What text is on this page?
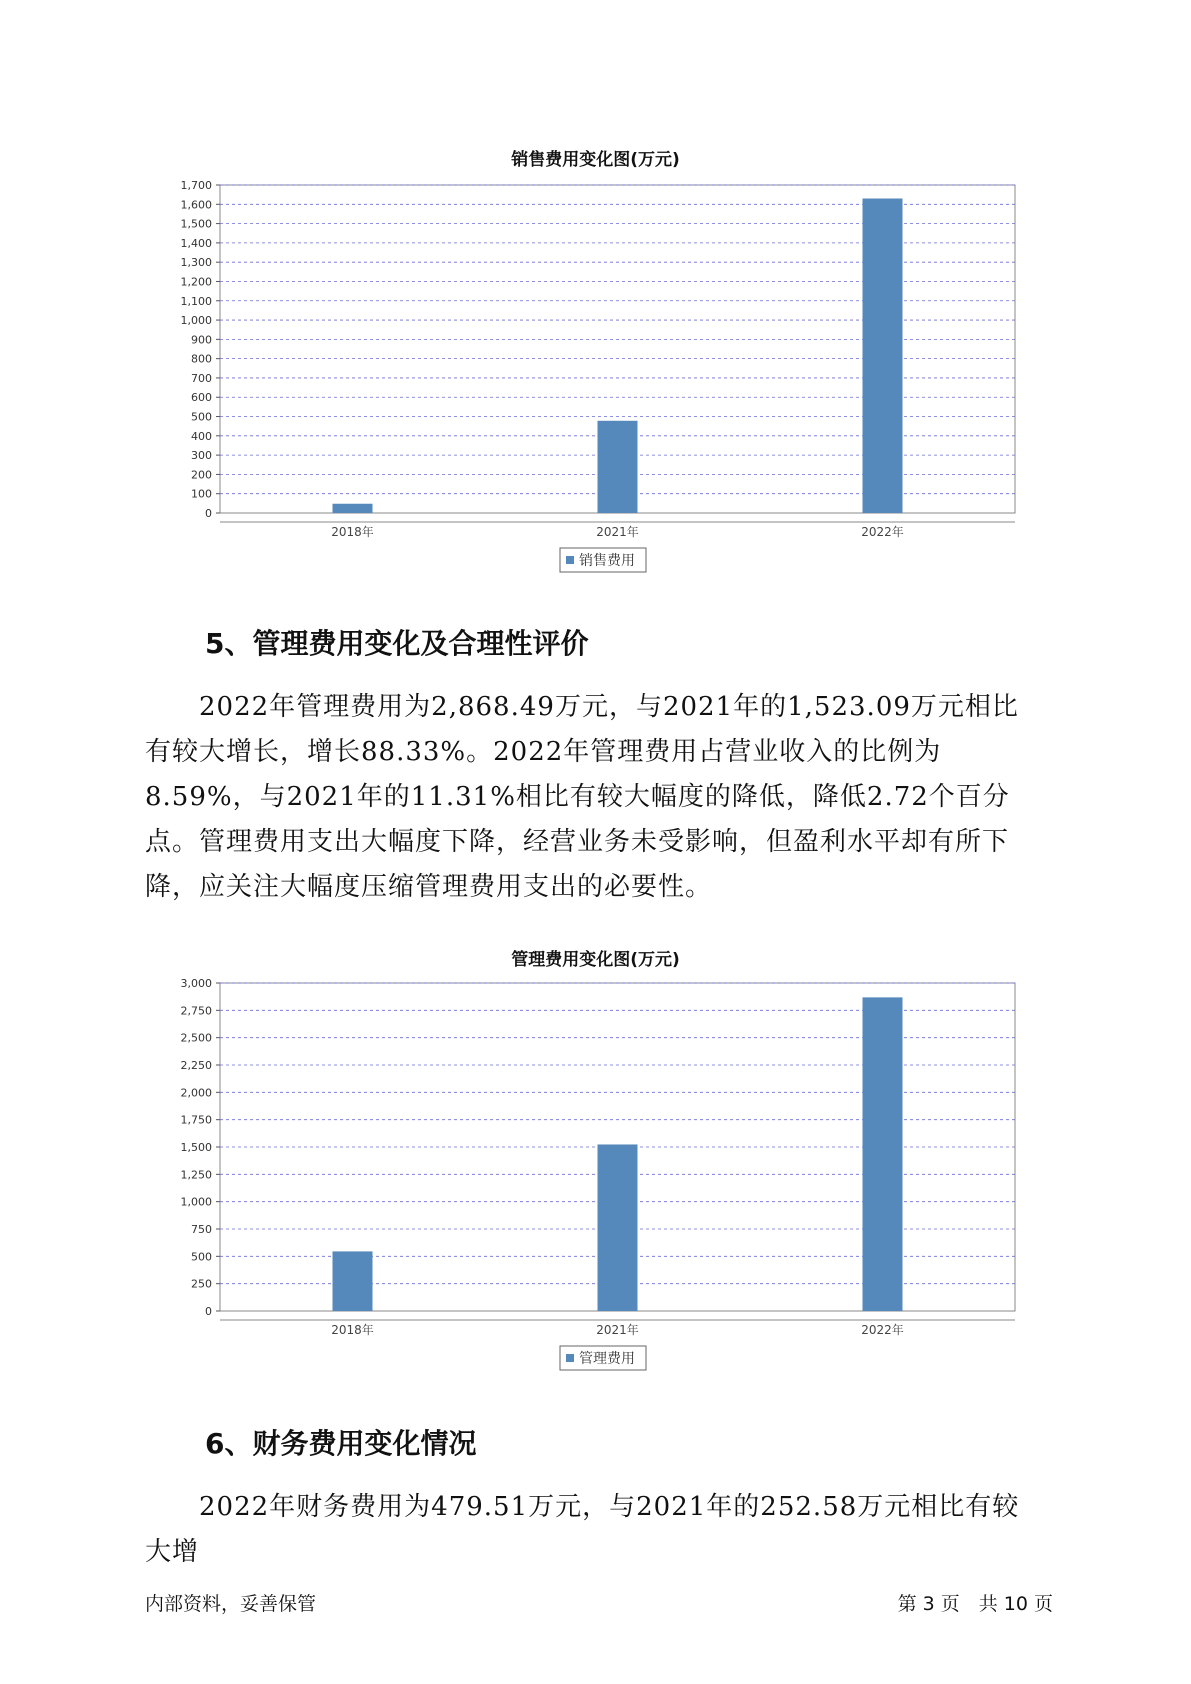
销售费用变化图(万元)
0
100
200
300
400
500
600
700
800
900
1,000
1,100
1,200
1,300
1,400
1,500
1,600
1,700
2018年	2021年	2022年
销售费用
5、管理费用变化及合理性评价

2022年管理费用为2,868.49万元，与2021年的1,523.09万元相比有较大增长，增长88.33%。2022年管理费用占营业收入的比例为8.59%，与2021年的11.31%相比有较大幅度的降低，降低2.72个百分点。管理费用支出大幅度下降，经营业务未受影响，但盈利水平却有所下降，应关注大幅度压缩管理费用支出的必要性。

管理费用变化图(万元)
0
250
500
750
1,000
1,250
1,500
1,750
2,000
2,250
2,500
2,750
3,000
2018年	2021年	2022年
管理费用
6、财务费用变化情况

2022年财务费用为479.51万元，与2021年的252.58万元相比有较大增

内部资料，妥善保管	第 3 页　共 10 页
